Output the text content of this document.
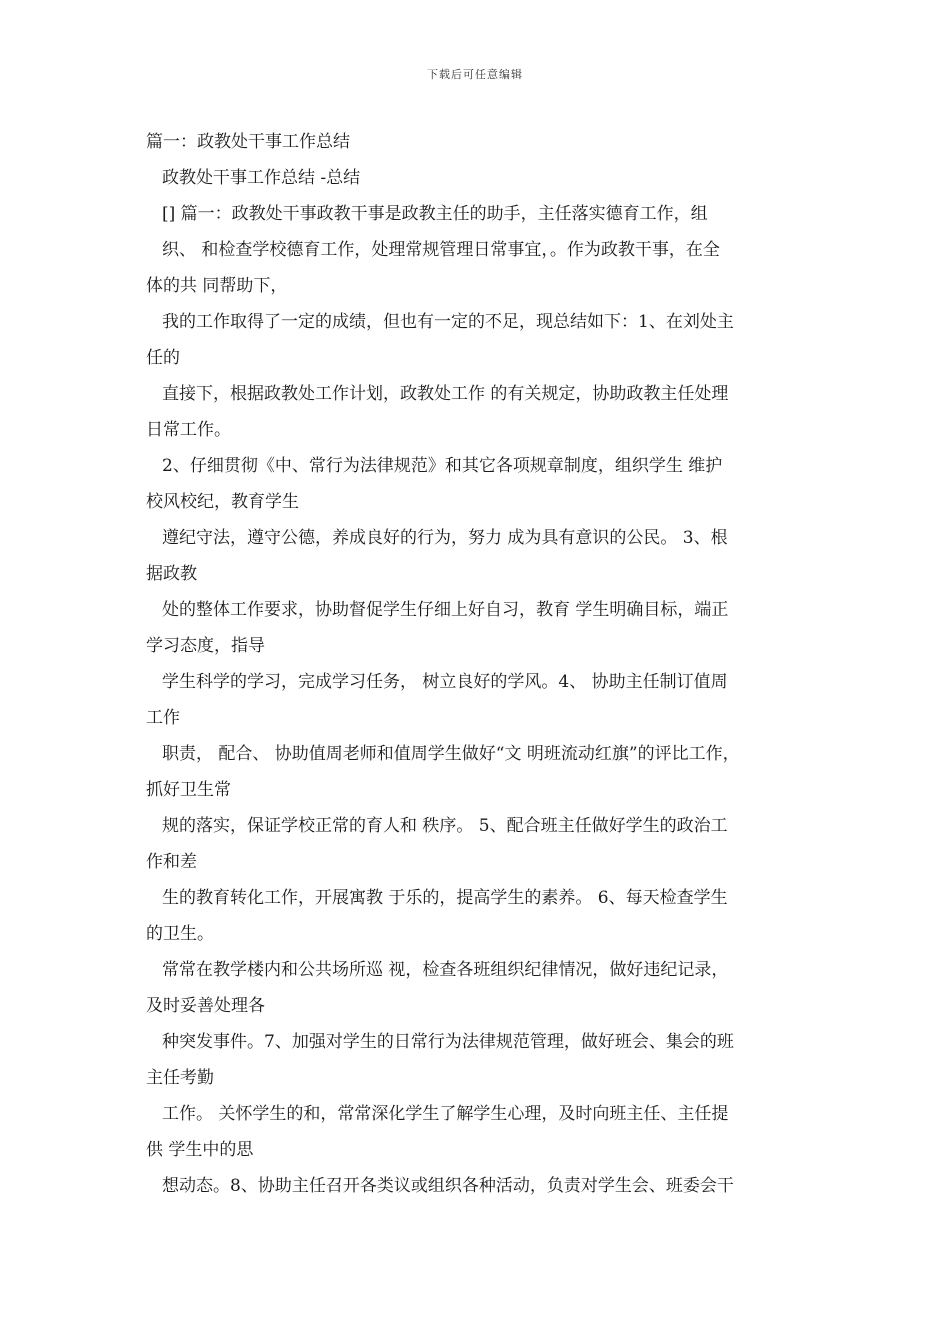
下载后可任意编辑
篇一：政教处干事工作总结
政教处干事工作总结 -总结
[] 篇一：政教处干事政教干事是政教主任的助手，主任落实德育工作，组
织、 和检查学校德育工作，处理常规管理日常事宜，。作为政教干事，在全
体的共 同帮助下，
我的工作取得了一定的成绩，但也有一定的不足，现总结如下：1、在刘处主
任的
直接下，根据政教处工作计划，政教处工作 的有关规定，协助政教主任处理
日常工作。
2、仔细贯彻《中、常行为法律规范》和其它各项规章制度，组织学生 维护
校风校纪，教育学生
遵纪守法，遵守公德，养成良好的行为，努力 成为具有意识的公民。 3、根
据政教
处的整体工作要求，协助督促学生仔细上好自习，教育 学生明确目标，端正
学习态度，指导
学生科学的学习，完成学习任务， 树立良好的学风。4、 协助主任制订值周
工作
职责， 配合、 协助值周老师和值周学生做好“文 明班流动红旗”的评比工作，
抓好卫生常
规的落实，保证学校正常的育人和 秩序。 5、配合班主任做好学生的政治工
作和差
生的教育转化工作，开展寓教 于乐的，提高学生的素养。 6、每天检查学生
的卫生。
常常在教学楼内和公共场所巡 视，检查各班组织纪律情况，做好违纪记录，
及时妥善处理各
种突发事件。7、加强对学生的日常行为法律规范管理，做好班会、集会的班
主任考勤
工作。 关怀学生的和，常常深化学生了解学生心理，及时向班主任、主任提
供 学生中的思
想动态。8、协助主任召开各类议或组织各种活动，负责对学生会、班委会干
